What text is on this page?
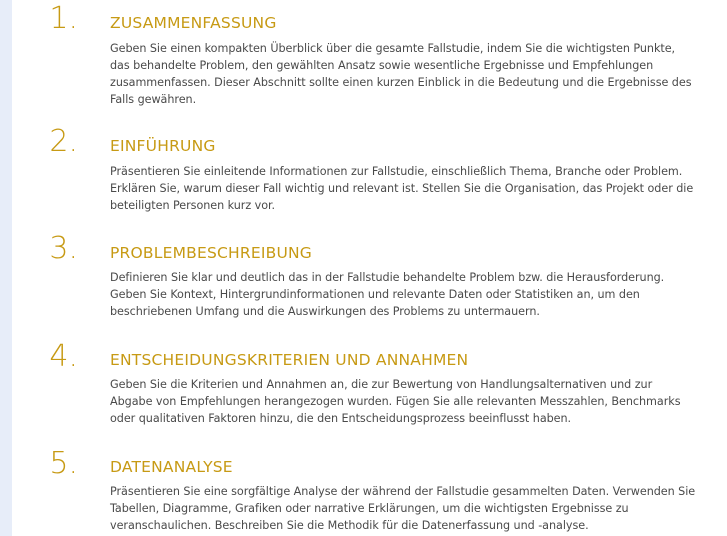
1. ZUSAMMENFASSUNG
Geben Sie einen kompakten Überblick über die gesamte Fallstudie, indem Sie die wichtigsten Punkte,
das behandelte Problem, den gewählten Ansatz sowie wesentliche Ergebnisse und Empfehlungen
zusammenfassen. Dieser Abschnitt sollte einen kurzen Einblick in die Bedeutung und die Ergebnisse des
Falls gewähren.
2. EINFÜHRUNG
Präsentieren Sie einleitende Informationen zur Fallstudie, einschließlich Thema, Branche oder Problem.
Erklären Sie, warum dieser Fall wichtig und relevant ist. Stellen Sie die Organisation, das Projekt oder die
beteiligten Personen kurz vor.
3. PROBLEMBESCHREIBUNG
Definieren Sie klar und deutlich das in der Fallstudie behandelte Problem bzw. die Herausforderung.
Geben Sie Kontext, Hintergrundinformationen und relevante Daten oder Statistiken an, um den
beschriebenen Umfang und die Auswirkungen des Problems zu untermauern.
4. ENTSCHEIDUNGSKRITERIEN UND ANNAHMEN
Geben Sie die Kriterien und Annahmen an, die zur Bewertung von Handlungsalternativen und zur
Abgabe von Empfehlungen herangezogen wurden. Fügen Sie alle relevanten Messzahlen, Benchmarks
oder qualitativen Faktoren hinzu, die den Entscheidungsprozess beeinflusst haben.
5. DATENANALYSE
Präsentieren Sie eine sorgfältige Analyse der während der Fallstudie gesammelten Daten. Verwenden Sie
Tabellen, Diagramme, Grafiken oder narrative Erklärungen, um die wichtigsten Ergebnisse zu
veranschaulichen. Beschreiben Sie die Methodik für die Datenerfassung und -analyse.
